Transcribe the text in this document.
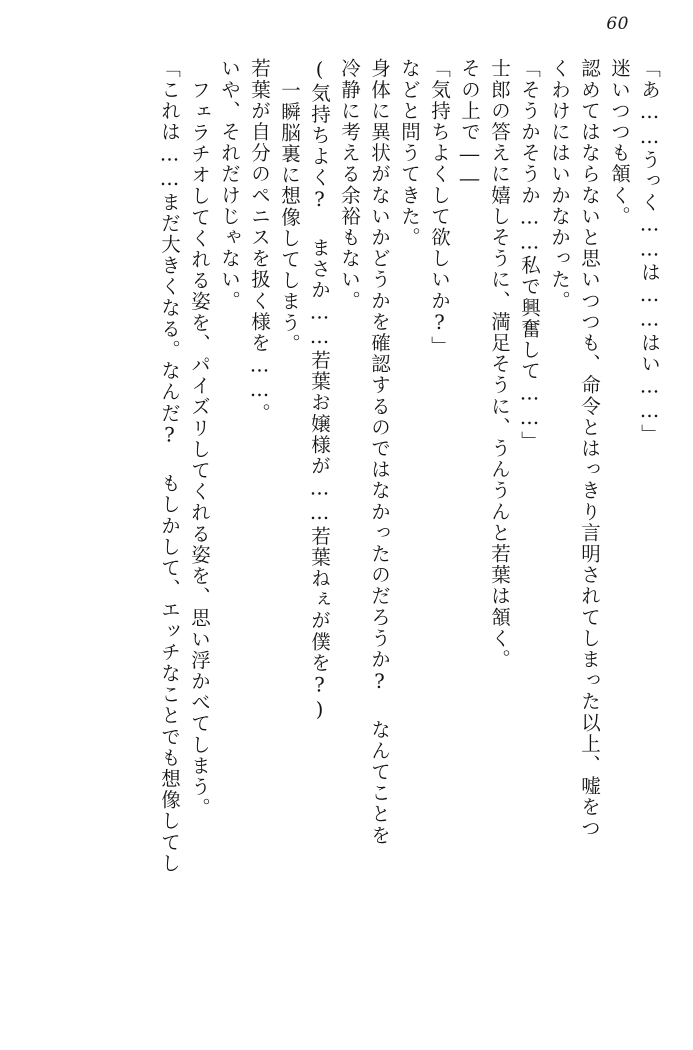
60
「あ……うっく……は……はい……」
迷いつつも頷く。
認めてはならないと思いつつも、命令とはっきり言明されてしまった以上、嘘をつ
くわけにはいかなかった。
「そうかそうか……私で興奮して……」
士郎の答えに嬉しそうに、満足そうに、うんうんと若葉は頷く。
その上で――
「気持ちよくして欲しいか?」
などと問うてきた。
身体に異状がないかどうかを確認するのではなかったのだろうか? なんてことを
冷静に考える余裕もない。
(気持ちよく? まさか……若葉お嬢様が……若葉ねぇが僕を?)
一瞬脳裏に想像してしまう。
若葉が自分のペニスを扱く様を……。
いや、それだけじゃない。
フェラチオしてくれる姿を、パイズリしてくれる姿を、思い浮かべてしまう。
「これは……まだ大きくなる。なんだ? もしかして、エッチなことでも想像してし
